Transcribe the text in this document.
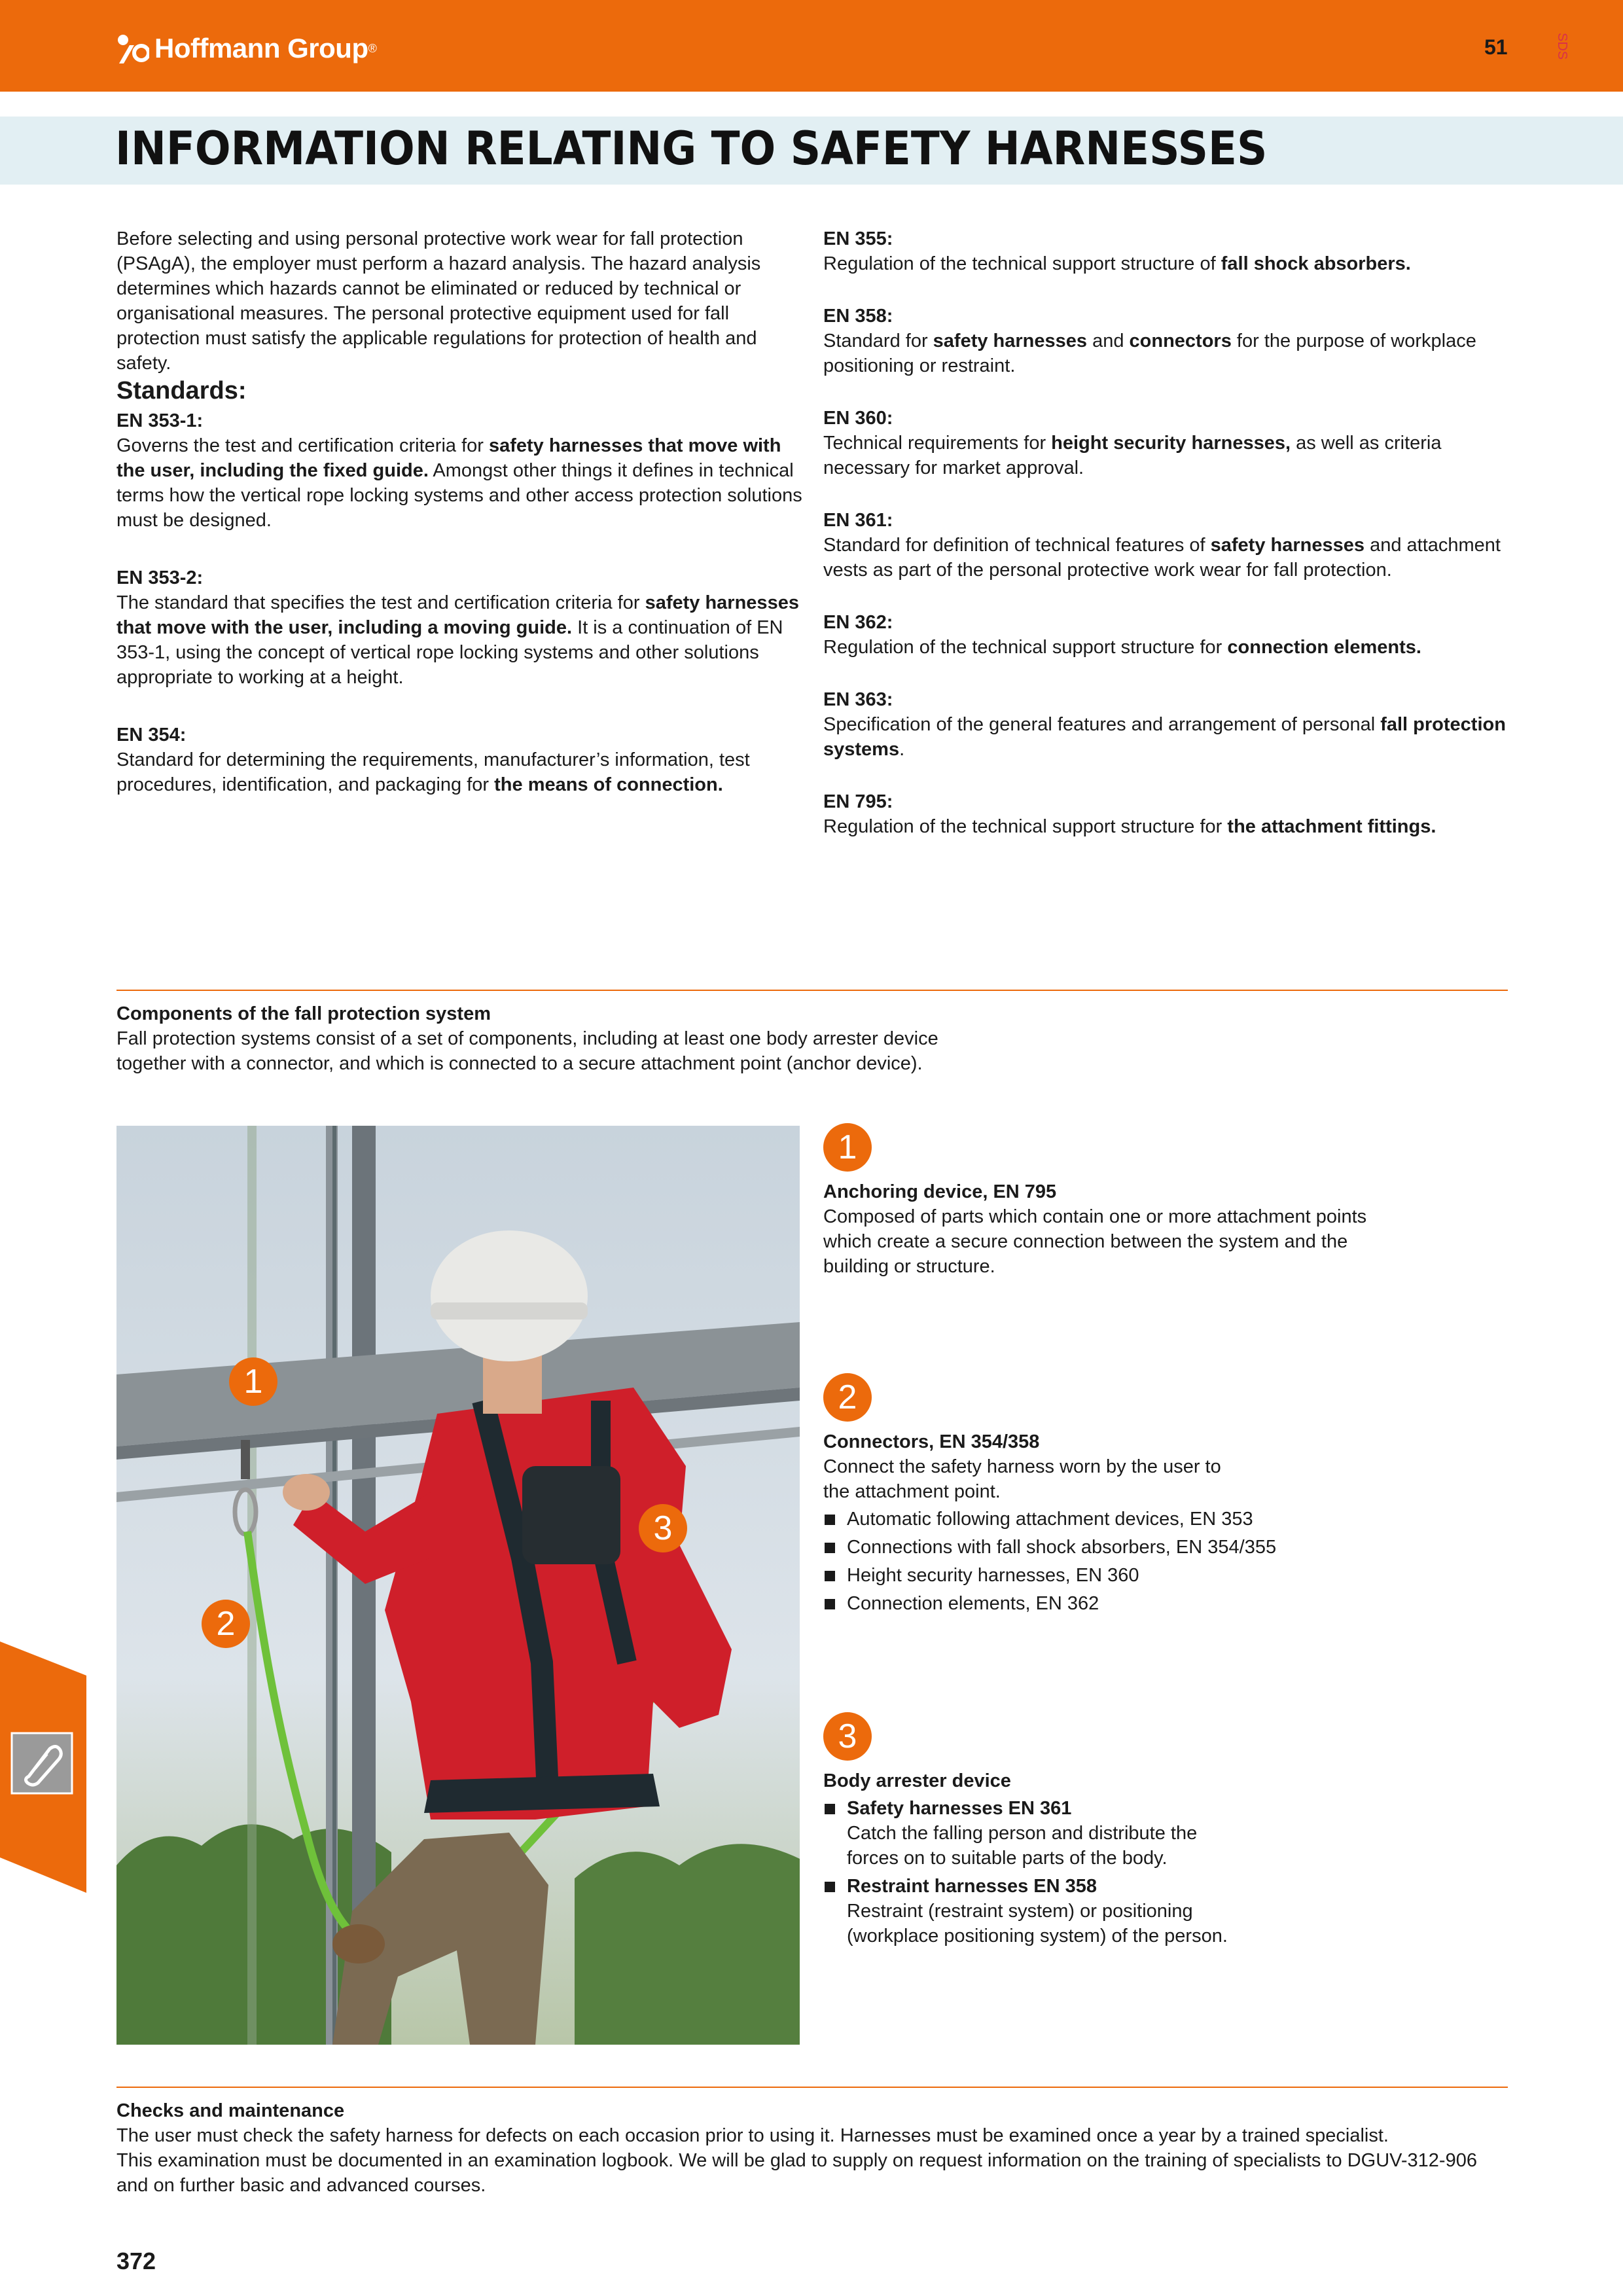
Hoffmann Group ®	51	SDS
INFORMATION RELATING TO SAFETY HARNESSES

Before selecting and using personal protective work wear for fall protection (PSAgA), the employer must perform a hazard analysis. The hazard analysis determines which hazards cannot be eliminated or reduced by technical or organisational measures. The personal protective equipment used for fall protection must satisfy the applicable regulations for protection of health and safety.

Standards:

EN 353-1:

Governs the test and certification criteria for safety harnesses that move with the user, including the fixed guide. Amongst other things it defines in technical terms how the vertical rope locking systems and other access protection solutions must be designed.

EN 353-2:

The standard that specifies the test and certification criteria for safety harnesses that move with the user, including a moving guide. It is a continuation of EN 353-1, using the concept of vertical rope locking systems and other solutions appropriate to working at a height.

EN 354:

Standard for determining the requirements, manufacturer’s information, test procedures, identification, and packaging for the means of connection.

EN 355:

Regulation of the technical support structure of fall shock absorbers.

EN 358:

Standard for safety harnesses and connectors for the purpose of workplace positioning or restraint.

EN 360:

Technical requirements for height security harnesses, as well as criteria necessary for market approval.

EN 361:

Standard for definition of technical features of safety harnesses and attachment vests as part of the personal protective work wear for fall protection.

EN 362:

Regulation of the technical support structure for connection elements.

EN 363:

Specification of the general features and arrangement of personal fall protection systems.

EN 795:

Regulation of the technical support structure for the attachment fittings.

Components of the fall protection system
Fall protection systems consist of a set of components, including at least one body arrester device together with a connector, and which is connected to a secure attachment point (anchor device).
1
2
3
1
Anchoring device, EN 795
Composed of parts which contain one or more attachment points which create a secure connection between the system and the building or structure.
2
Connectors, EN 354/358
Connect the safety harness worn by the user to the attachment point.
Automatic following attachment devices, EN 353
Connections with fall shock absorbers, EN 354/355
Height security harnesses, EN 360
Connection elements, EN 362
3
Body arrester device
Safety harnesses EN 361
Catch the falling person and distribute the forces on to suitable parts of the body.
Restraint harnesses EN 358
Restraint (restraint system) or positioning (workplace positioning system) of the person.
Checks and maintenance
The user must check the safety harness for defects on each occasion prior to using it. Harnesses must be examined once a year by a trained specialist.
This examination must be documented in an examination logbook. We will be glad to supply on request information on the training of specialists to DGUV-312-906 and on further basic and advanced courses.
372
